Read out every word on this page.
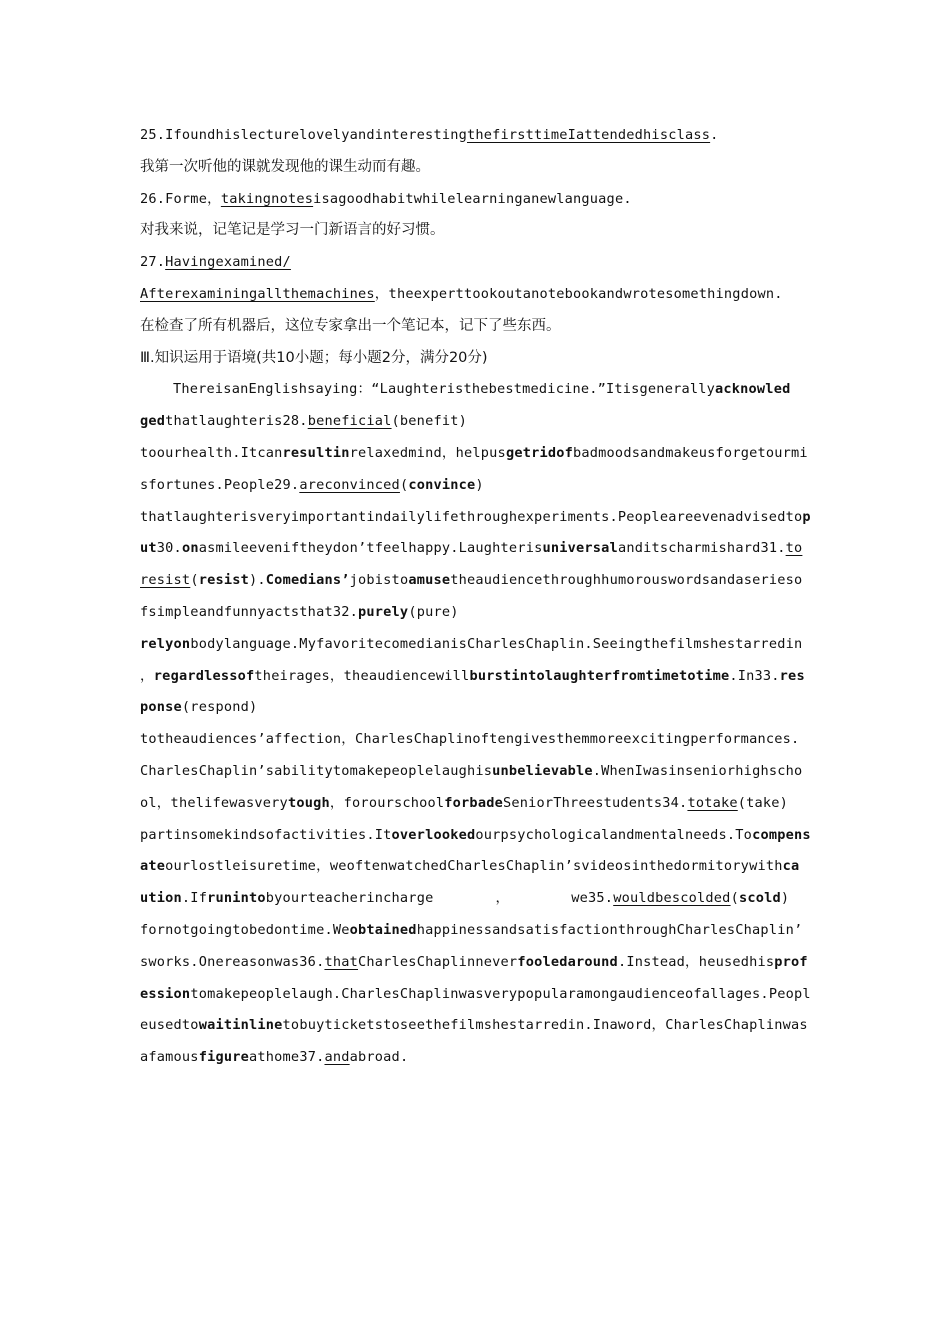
25.IfoundhislecturelovelyandinterestingthefirsttimeIattendedhisclass.
我第一次听他的课就发现他的课生动而有趣。
26.Forme，takingnotesisagoodhabitwhilelearninganewlanguage.
对我来说，记笔记是学习一门新语言的好习惯。
27.Havingexamined/
Afterexaminingallthemachines，theexperttookoutanotebookandwrotesomethingdown.
在检查了所有机器后，这位专家拿出一个笔记本，记下了些东西。
Ⅲ.知识运用于语境(共10小题；每小题2分，满分20分)
ThereisanEnglishsaying：“Laughteristhebestmedicine.”Itisgenerallyacknowled
gedthatlaughteris28.beneficial(benefit)
toourhealth.Itcanresultinrelaxedmind，helpusgetridofbadmoodsandmakeusforgetourmi
sfortunes.People29.areconvinced(convince)
thatlaughterisveryimportantindailylifethroughexperiments.Peopleareevenadvisedtop
ut30.onasmileeveniftheydon’tfeelhappy.Laughterisuniversalanditscharmishard31.to
resist(resist).Comedians’jobistoamusetheaudiencethroughhumorouswordsandaserieso
fsimpleandfunnyactsthat32.purely(pure)
relyonbodylanguage.MyfavoritecomedianisCharlesChaplin.Seeingthefilmshestarredin
，regardlessoftheirages，theaudiencewillburstintolaughterfromtimetotime.In33.res
ponse(respond)
totheaudiences’affection，CharlesChaplinoftengivesthemmoreexcitingperformances.
CharlesChaplin’sabilitytomakepeoplelaughisunbelievable.WhenIwasinseniorhighscho
ol，thelifewasverytough，forourschoolforbadeSeniorThreestudents34.totake(take)
partinsomekindsofactivities.Itoverlookedourpsychologicalandmentalneeds.Tocompens
ateourlostleisuretime，weoftenwatchedCharlesChaplin’svideosinthedormitorywithca
ution.Ifrunintobyourteacherincharge	，	we35.wouldbescolded(scold)
fornotgoingtobedontime.WeobtainedhappinessandsatisfactionthroughCharlesChaplin’
sworks.Onereasonwas36.thatCharlesChaplinneverfooledaround.Instead，heusedhisprof
essiontomakepeoplelaugh.CharlesChaplinwasverypopularamongaudienceofallages.Peopl
eusedtowaitinlinetobuyticketstoseethefilmshestarredin.Inaword，CharlesChaplinwas
afamousfigureathome37.andabroad.
